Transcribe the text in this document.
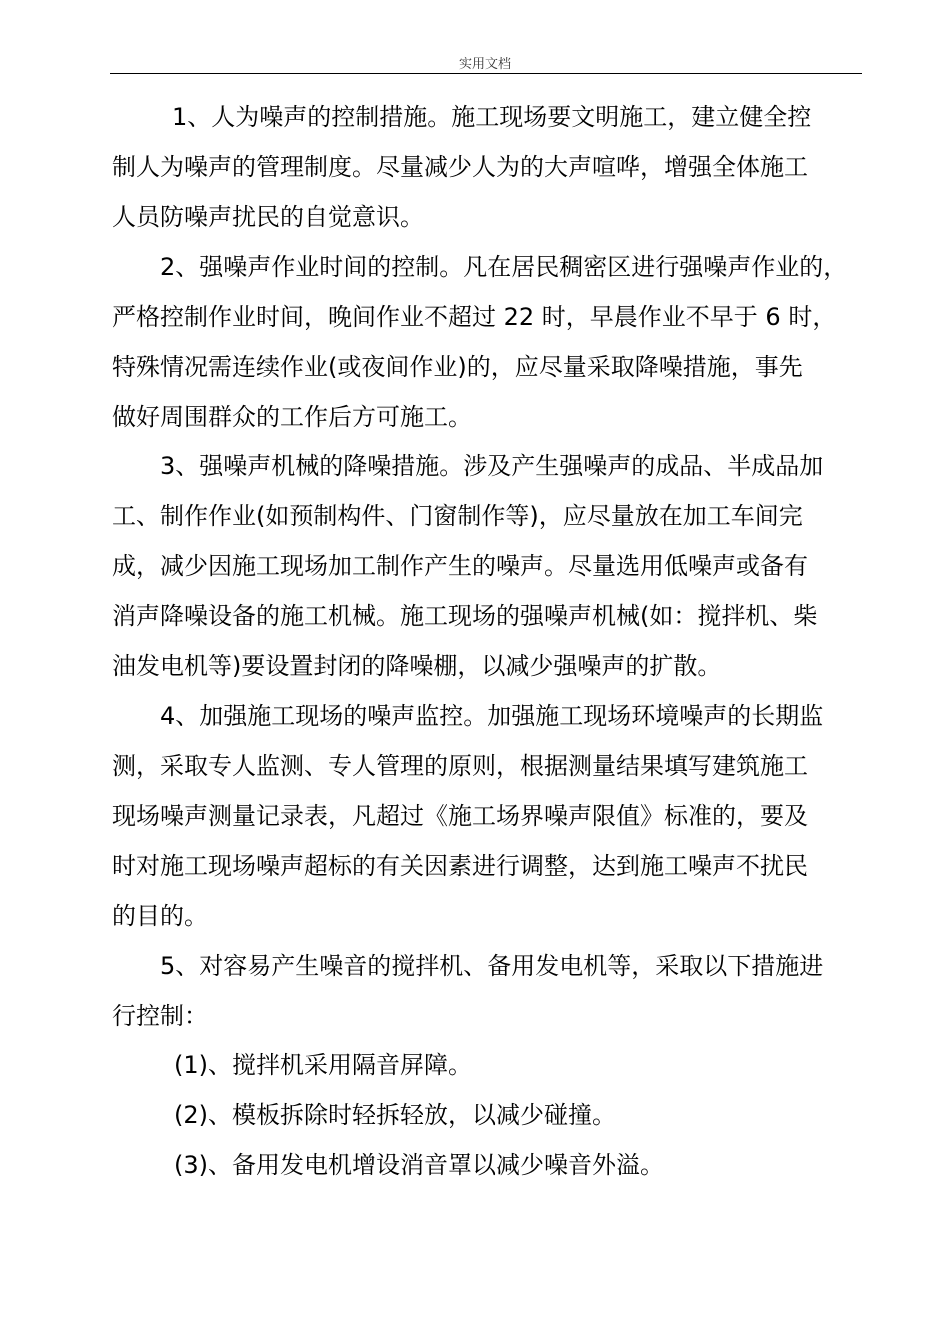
实用文档
1、人为噪声的控制措施。施工现场要文明施工，建立健全控
制人为噪声的管理制度。尽量减少人为的大声喧哗，增强全体施工
人员防噪声扰民的自觉意识。
2、强噪声作业时间的控制。凡在居民稠密区进行强噪声作业的，
严格控制作业时间，晚间作业不超过 22 时，早晨作业不早于 6 时，
特殊情况需连续作业(或夜间作业)的，应尽量采取降噪措施，事先
做好周围群众的工作后方可施工。
3、强噪声机械的降噪措施。涉及产生强噪声的成品、半成品加
工、制作作业(如预制构件、门窗制作等)，应尽量放在加工车间完
成，减少因施工现场加工制作产生的噪声。尽量选用低噪声或备有
消声降噪设备的施工机械。施工现场的强噪声机械(如：搅拌机、柴
油发电机等)要设置封闭的降噪棚，以减少强噪声的扩散。
4、加强施工现场的噪声监控。加强施工现场环境噪声的长期监
测，采取专人监测、专人管理的原则，根据测量结果填写建筑施工
现场噪声测量记录表，凡超过《施工场界噪声限值》标准的，要及
时对施工现场噪声超标的有关因素进行调整，达到施工噪声不扰民
的目的。
5、对容易产生噪音的搅拌机、备用发电机等，采取以下措施进
行控制：
(1)、搅拌机采用隔音屏障。
(2)、模板拆除时轻拆轻放，以减少碰撞。
(3)、备用发电机增设消音罩以减少噪音外溢。
